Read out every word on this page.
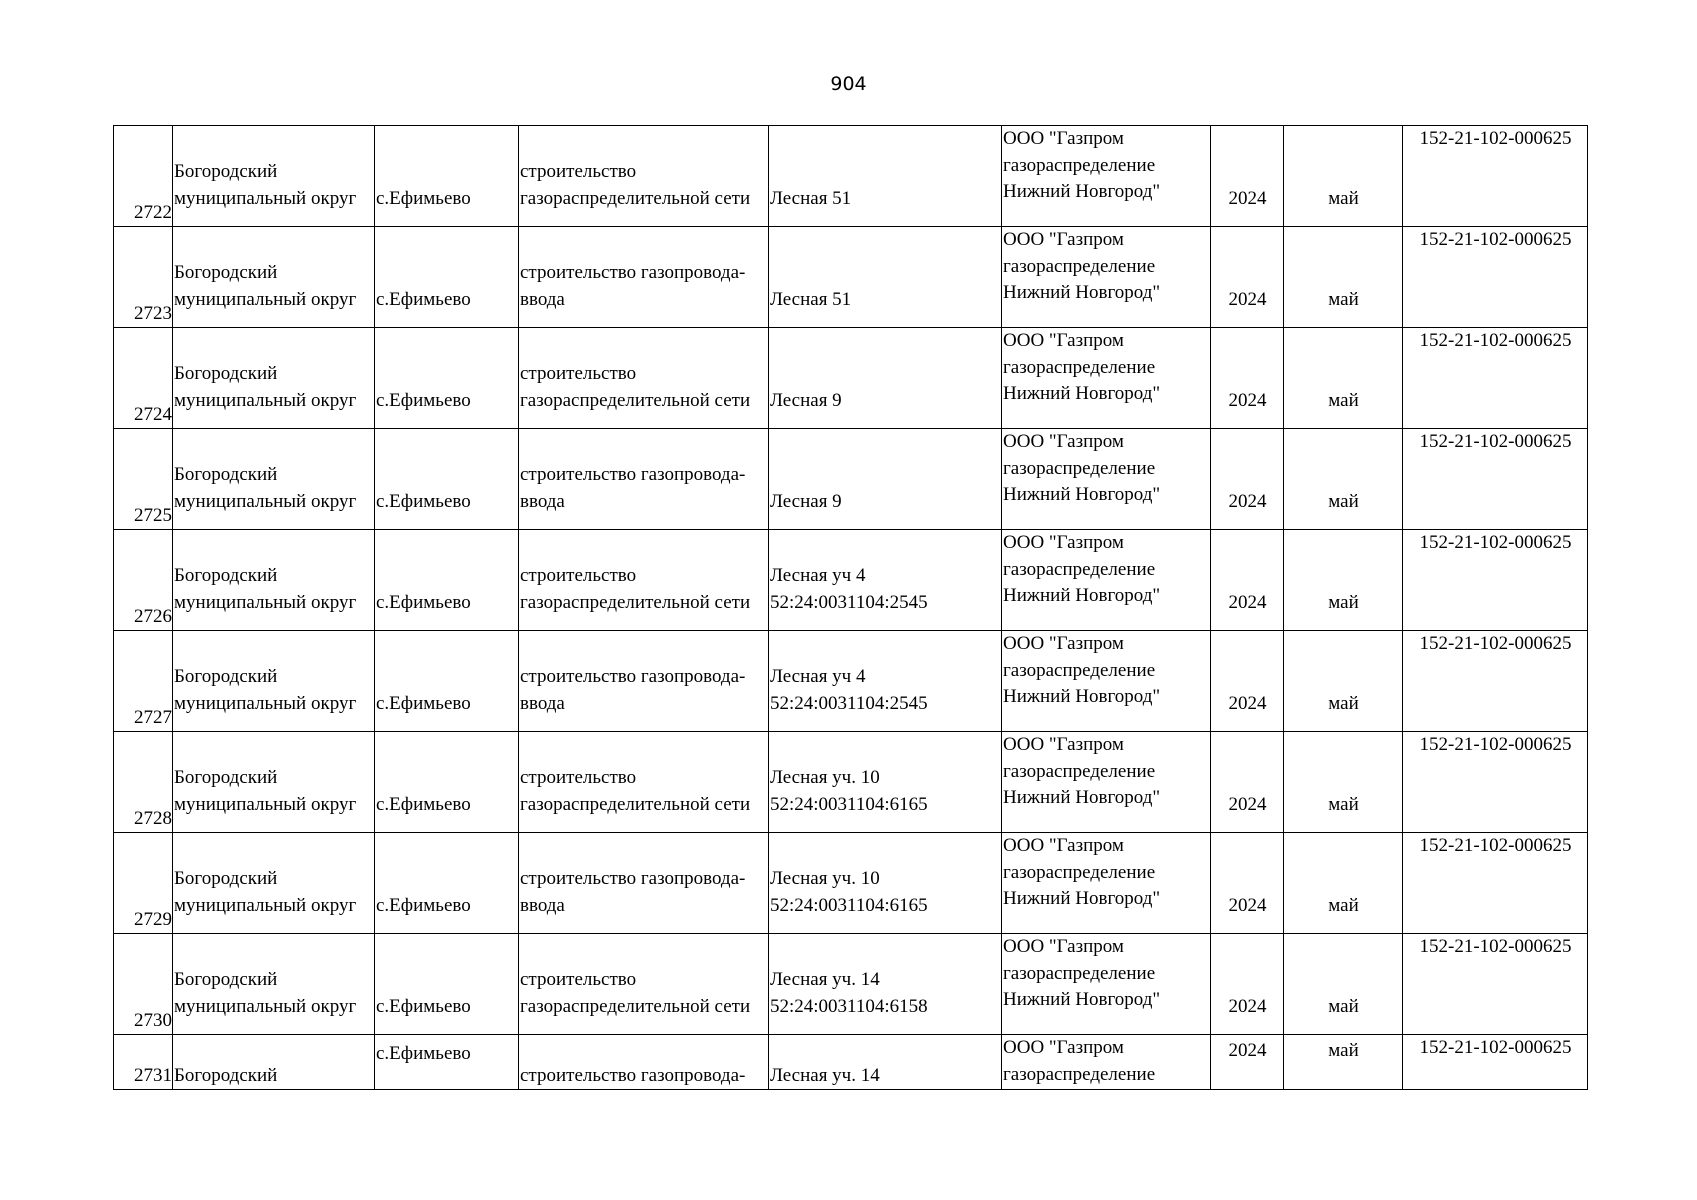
904
2722	Богородский муниципальный округ	с.Ефимьево	строительство газораспределительной сети	Лесная 51	ООО "Газпром газораспределение Нижний Новгород"	2024	май	152-21-102-000625

2723	Богородский муниципальный округ	с.Ефимьево	строительство газопровода-ввода	Лесная 51	ООО "Газпром газораспределение Нижний Новгород"	2024	май	152-21-102-000625

2724	Богородский муниципальный округ	с.Ефимьево	строительство газораспределительной сети	Лесная 9	ООО "Газпром газораспределение Нижний Новгород"	2024	май	152-21-102-000625

2725	Богородский муниципальный округ	с.Ефимьево	строительство газопровода-ввода	Лесная 9	ООО "Газпром газораспределение Нижний Новгород"	2024	май	152-21-102-000625

2726	Богородский муниципальный округ	с.Ефимьево	строительство газораспределительной сети	Лесная уч 4 52:24:0031104:2545	ООО "Газпром газораспределение Нижний Новгород"	2024	май	152-21-102-000625

2727	Богородский муниципальный округ	с.Ефимьево	строительство газопровода-ввода	Лесная уч 4 52:24:0031104:2545	ООО "Газпром газораспределение Нижний Новгород"	2024	май	152-21-102-000625

2728	Богородский муниципальный округ	с.Ефимьево	строительство газораспределительной сети	Лесная уч. 10 52:24:0031104:6165	ООО "Газпром газораспределение Нижний Новгород"	2024	май	152-21-102-000625

2729	Богородский муниципальный округ	с.Ефимьево	строительство газопровода-ввода	Лесная уч. 10 52:24:0031104:6165	ООО "Газпром газораспределение Нижний Новгород"	2024	май	152-21-102-000625

2730	Богородский муниципальный округ	с.Ефимьево	строительство газораспределительной сети	Лесная уч. 14 52:24:0031104:6158	ООО "Газпром газораспределение Нижний Новгород"	2024	май	152-21-102-000625

2731	Богородский	с.Ефимьево	строительство газопровода-	Лесная уч. 14	ООО "Газпром газораспределение	2024	май	152-21-102-000625
